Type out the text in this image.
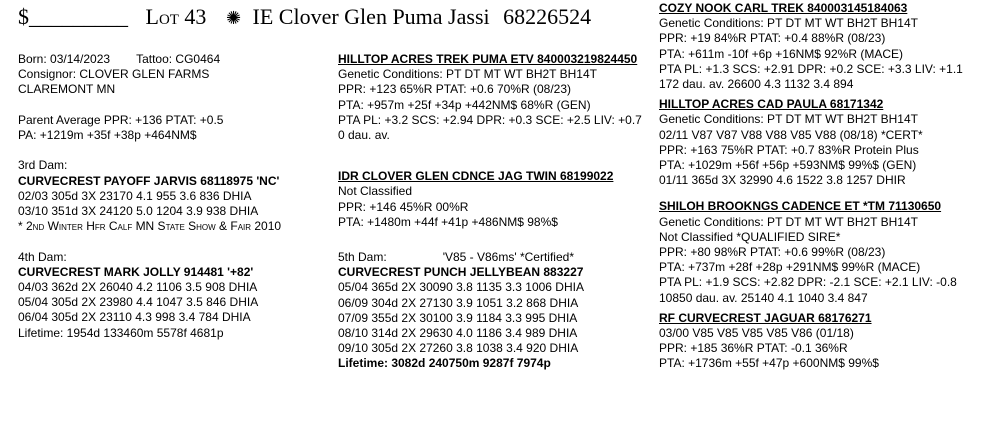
$_________ Lot 43 ✺ IE Clover Glen Puma Jassi 68226524
Born: 03/14/2023 Tattoo: CG0464
Consignor: CLOVER GLEN FARMS
CLAREMONT MN
Parent Average PPR: +136 PTAT: +0.5
PA: +1219m +35f +38p +464NM$
3rd Dam:
CURVECREST PAYOFF JARVIS 68118975 'NC'
02/03 305d 3X 23170 4.1 955 3.6 836 DHIA
03/10 351d 3X 24120 5.0 1204 3.9 938 DHIA
* 2nd Winter Hfr Calf MN State Show & Fair 2010
4th Dam:
CURVECREST MARK JOLLY 914481 '+82'
04/03 362d 2X 26040 4.2 1106 3.5 908 DHIA
05/04 305d 2X 23980 4.4 1047 3.5 846 DHIA
06/04 305d 2X 23110 4.3 998 3.4 784 DHIA
Lifetime: 1954d 133460m 5578f 4681p
HILLTOP ACRES TREK PUMA ETV 840003219824450
Genetic Conditions: PT DT MT WT BH2T BH14T
PPR: +123 65%R PTAT: +0.6 70%R (08/23)
PTA: +957m +25f +34p +442NM$ 68%R (GEN)
PTA PL: +3.2 SCS: +2.94 DPR: +0.3 SCE: +2.5 LIV: +0.7
0 dau. av.
IDR CLOVER GLEN CDNCE JAG TWIN 68199022
Not Classified
PPR: +146 45%R 00%R
PTA: +1480m +44f +41p +486NM$ 98%$
5th Dam:	'V85 - V86ms' *Certified*
CURVECREST PUNCH JELLYBEAN 883227
05/04 365d 2X 30090 3.8 1135 3.3 1006 DHIA
06/09 304d 2X 27130 3.9 1051 3.2 868 DHIA
07/09 355d 2X 30100 3.9 1184 3.3 995 DHIA
08/10 314d 2X 29630 4.0 1186 3.4 989 DHIA
09/10 305d 2X 27260 3.8 1038 3.4 920 DHIA
Lifetime: 3082d 240750m 9287f 7974p
COZY NOOK CARL TREK 840003145184063
Genetic Conditions: PT DT MT WT BH2T BH14T
PPR: +19 84%R PTAT: +0.4 88%R (08/23)
PTA: +611m -10f +6p +16NM$ 92%R (MACE)
PTA PL: +1.3 SCS: +2.91 DPR: +0.2 SCE: +3.3 LIV: +1.1
172 dau. av. 26600 4.3 1132 3.4 894
HILLTOP ACRES CAD PAULA 68171342
Genetic Conditions: PT DT MT WT BH2T BH14T
02/11 V87 V87 V88 V88 V85 V88 (08/18) *CERT*
PPR: +163 75%R PTAT: +0.7 83%R Protein Plus
PTA: +1029m +56f +56p +593NM$ 99%$ (GEN)
01/11 365d 3X 32990 4.6 1522 3.8 1257 DHIR
SHILOH BROOKNGS CADENCE ET *TM 71130650
Genetic Conditions: PT DT MT WT BH2T BH14T
Not Classified *QUALIFIED SIRE*
PPR: +80 98%R PTAT: +0.6 99%R (08/23)
PTA: +737m +28f +28p +291NM$ 99%R (MACE)
PTA PL: +1.9 SCS: +2.82 DPR: -2.1 SCE: +2.1 LIV: -0.8
10850 dau. av. 25140 4.1 1040 3.4 847
RF CURVECREST JAGUAR 68176271
03/00 V85 V85 V85 V85 V86 (01/18)
PPR: +185 36%R PTAT: -0.1 36%R
PTA: +1736m +55f +47p +600NM$ 99%$
